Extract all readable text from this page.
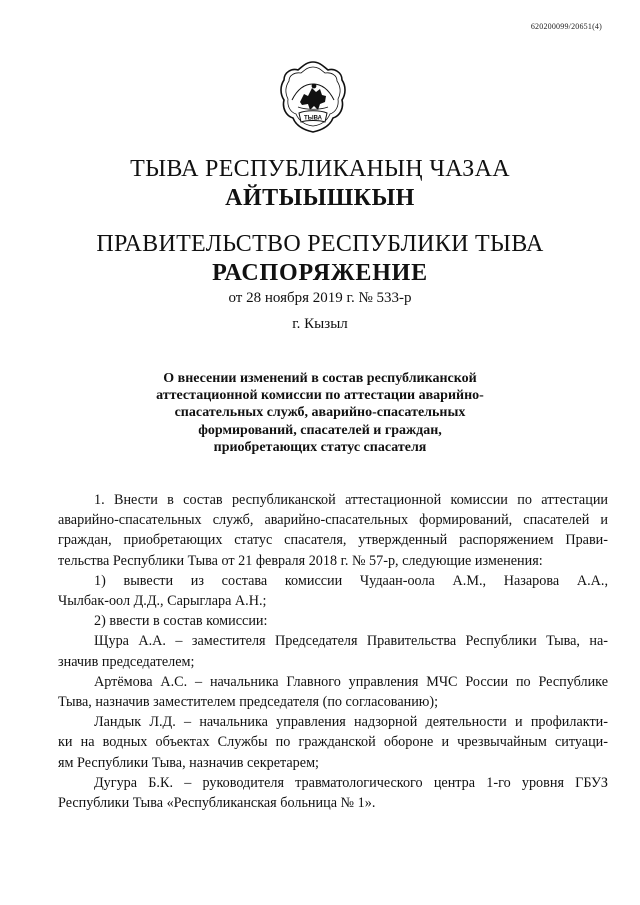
620200099/20651(4)
ТЫВА
ТЫВА РЕСПУБЛИКАНЫҢ ЧАЗАА
АЙТЫЫШКЫН
ПРАВИТЕЛЬСТВО РЕСПУБЛИКИ ТЫВА
РАСПОРЯЖЕНИЕ
от 28 ноября 2019 г. № 533-р
г. Кызыл
О внесении изменений в состав республиканской
аттестационной комиссии по аттестации аварийно-
спасательных служб, аварийно-спасательных
формирований, спасателей и граждан,
приобретающих статус спасателя

1. Внести в состав республиканской аттестационной комиссии по аттестации

аварийно-спасательных служб, аварийно-спасательных формирований, спасателей и

граждан, приобретающих статус спасателя, утвержденный распоряжением Прави-

тельства Республики Тыва от 21 февраля 2018 г. № 57-р, следующие изменения:

1) вывести из состава комиссии Чудаан-оола А.М., Назарова А.А.,

Чылбак-оол Д.Д., Сарыглара А.Н.;

2) ввести в состав комиссии:

Щура А.А. – заместителя Председателя Правительства Республики Тыва, на-

значив председателем;

Артёмова А.С. – начальника Главного управления МЧС России по Республике

Тыва, назначив заместителем председателя (по согласованию);

Ландык Л.Д. – начальника управления надзорной деятельности и профилакти-

ки на водных объектах Службы по гражданской обороне и чрезвычайным ситуаци-

ям Республики Тыва, назначив секретарем;

Дугура Б.К. – руководителя травматологического центра 1-го уровня ГБУЗ

Республики Тыва «Республиканская больница № 1».
